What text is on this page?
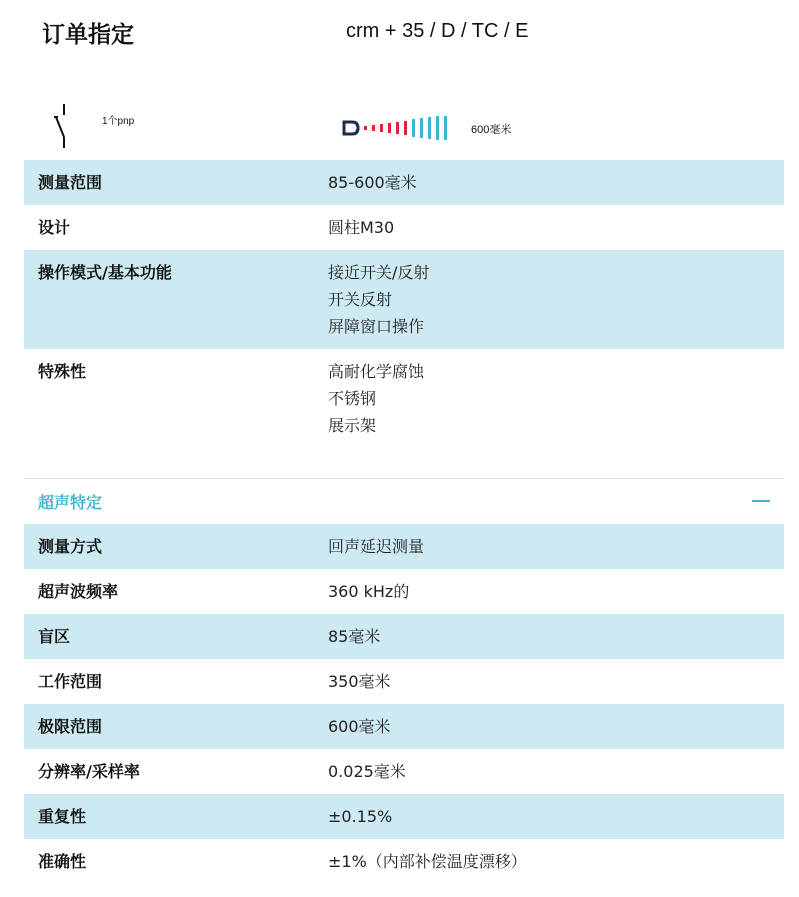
订单指定	crm + 35 / D / TC / E
1个pnp
600毫米
测量范围	85-600毫米
设计	圆柱M30
操作模式/基本功能	接近开关/反射
开关反射
屏障窗口操作
特殊性	高耐化学腐蚀
不锈钢
展示架
超声特定
测量方式	回声延迟测量
超声波频率	360 kHz的
盲区	85毫米
工作范围	350毫米
极限范围	600毫米
分辨率/采样率	0.025毫米
重复性	±0.15%
准确性	±1%（内部补偿温度漂移）
